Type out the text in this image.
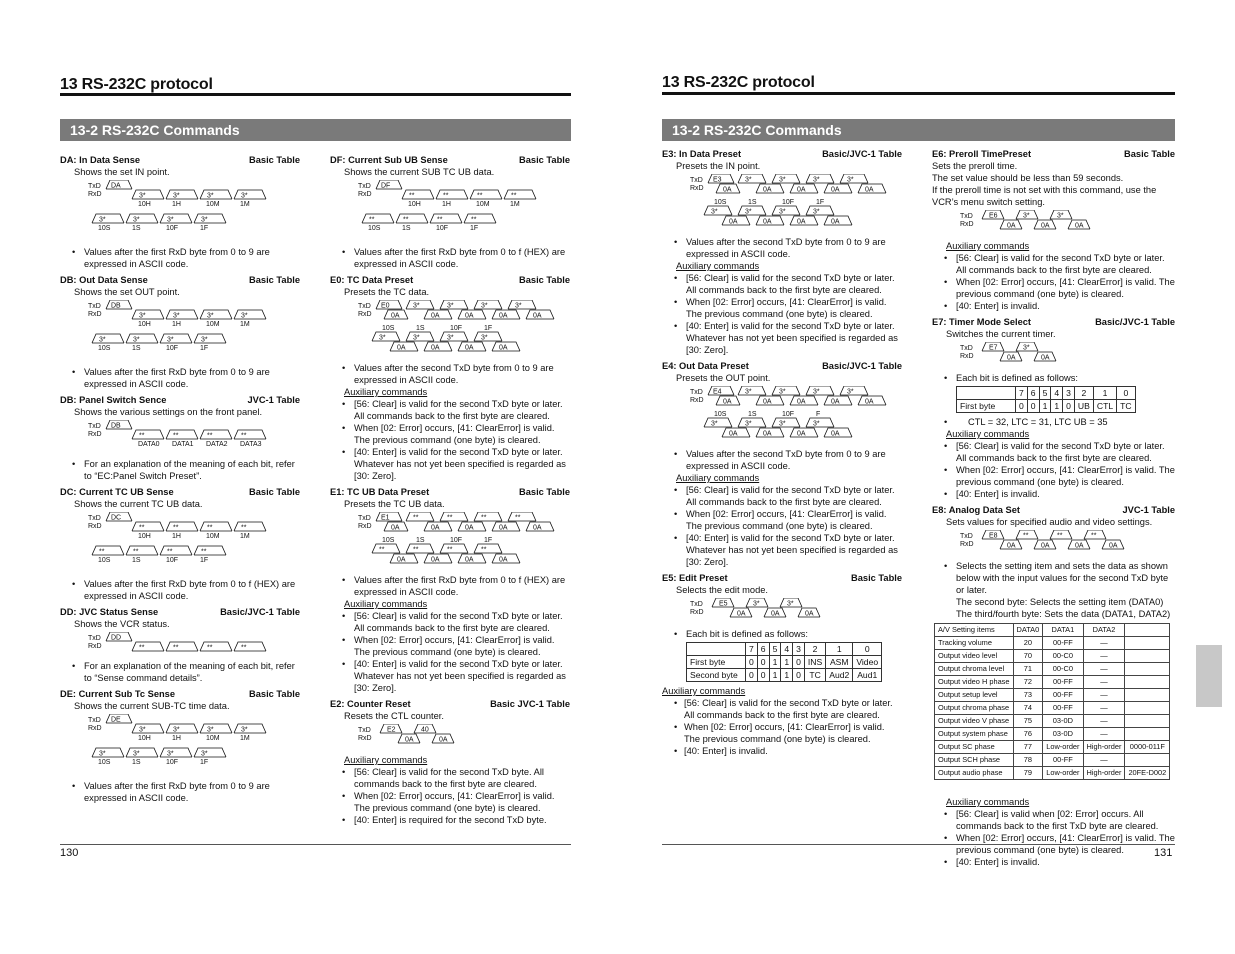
13 RS-232C protocol
13-2 RS-232C Commands
DA: In Data Sense	Basic Table
Shows the set IN point.
TxD
RxD
DA
3*
10H
3*
1H
3*
10M
3*
1M
3*
10S
3*
1S
3*
10F
3*
1F
• Values after the first RxD byte from 0 to 9 are expressed in ASCII code.
DB: Out Data Sense	Basic Table
Shows the set OUT point.
TxD
RxD
DB
3*
10H
3*
1H
3*
10M
3*
1M
3*
10S
3*
1S
3*
10F
3*
1F
• Values after the first RxD byte from 0 to 9 are expressed in ASCII code.
DB: Panel Switch Sence	JVC-1 Table
Shows the various settings on the front panel.
TxD
RxD
DB
**
DATA0
**
DATA1
**
DATA2
**
DATA3
• For an explanation of the meaning of each bit, refer to “EC:Panel Switch Preset”.
DC: Current TC UB Sense	Basic Table
Shows the current TC UB data.
TxD
RxD
DC
**
10H
**
1H
**
10M
**
1M
**
10S
**
1S
**
10F
**
1F
• Values after the first RxD byte from 0 to f (HEX) are expressed in ASCII code.
DD: JVC Status Sense	Basic/JVC-1 Table
Shows the VCR status.
TxD
RxD
DD
**	**	**	**
• For an explanation of the meaning of each bit, refer to “Sense command details”.
DE: Current Sub Tc Sense	Basic Table
Shows the current SUB-TC time data.
TxD
RxD
DE
3*
10H
3*
1H
3*
10M
3*
1M
3*
10S
3*
1S
3*
10F
3*
1F
• Values after the first RxD byte from 0 to 9 are expressed in ASCII code.
DF: Current Sub UB Sense	Basic Table
Shows the current SUB TC UB data.
TxD
RxD
DF
**
10H
**
1H
**
10M
**
1M
**
10S
**
1S
**
10F
**
1F
• Values after the first RxD byte from 0 to f (HEX) are expressed in ASCII code.
E0: TC Data Preset	Basic Table
Presets the TC data.
TxD
RxD
E0	3*
0A
3*
0A
3*
0A
3*
0A
0A
10S
3*
0A
1S
3*
0A
10F
3*
0A
1F
3*
0A
• Values after the second TxD byte from 0 to 9 are expressed in ASCII code.
Auxiliary commands
• [56: Clear] is valid for the second TxD byte or later. All commands back to the first byte are cleared.
• When [02: Error] occurs, [41: ClearError] is valid. The previous command (one byte) is cleared.
• [40: Enter] is valid for the second TxD byte or later. Whatever has not yet been specified is regarded as [30: Zero].
E1: TC UB Data Preset	Basic Table
Presets the TC UB data.
TxD
RxD
E1	**
0A
**
0A
**
0A
**
0A
0A
10S
**
0A
1S
**
0A
10F
**
0A
1F
**
0A
• Values after the first RxD byte from 0 to f (HEX) are expressed in ASCII code.
Auxiliary commands
• [56: Clear] is valid for the second TxD byte or later. All commands back to the first byte are cleared.
• When [02: Error] occurs, [41: ClearError] is valid. The previous command (one byte) is cleared.
• [40: Enter] is valid for the second TxD byte or later. Whatever has not yet been specified is regarded as [30: Zero].
E2: Counter Reset	Basic JVC-1 Table
Resets the CTL counter.
TxD
RxD
E2	40
0A	0A
Auxiliary commands
• [56: Clear] is valid for the second TxD byte. All commands back to the first byte are cleared.
• When [02: Error] occurs, [41: ClearError] is valid. The previous command (one byte) is cleared.
• [40: Enter] is required for the second TxD byte.
130
13 RS-232C protocol
13-2 RS-232C Commands
E3: In Data Preset	Basic/JVC-1 Table
Presets the IN point.
TxD
RxD
E3	3*
0A
3*
0A
3*
0A
3*
0A
0A
10S
3*
0A
1S
3*
0A
10F
3*
0A
1F
3*
0A
• Values after the second TxD byte from 0 to 9 are expressed in ASCII code.
Auxiliary commands
• [56: Clear] is valid for the second TxD byte or later. All commands back to the first byte are cleared.
• When [02: Error] occurs, [41: ClearError] is valid. The previous command (one byte) is cleared.
• [40: Enter] is valid for the second TxD byte or later. Whatever has not yet been specified is regarded as [30: Zero].
E4: Out Data Preset	Basic/JVC-1 Table
Presets the OUT point.
TxD
RxD
E4	3*
0A
3*
0A
3*
0A
3*
0A
0A
10S
3*
0A
1S
3*
0A
10F
3*
0A
F
3*
0A
• Values after the second TxD byte from 0 to 9 are expressed in ASCII code.
Auxiliary commands
• [56: Clear] is valid for the second TxD byte or later. All commands back to the first byte are cleared.
• When [02: Error] occurs, [41: ClearError] is valid. The previous command (one byte) is cleared.
• [40: Enter] is valid for the second TxD byte or later. Whatever has not yet been specified is regarded as [30: Zero].
E5: Edit Preset	Basic Table
Selects the edit mode.
TxD
RxD
E5	3*	3*
0A	0A	0A
• Each bit is defined as follows:
	7	6	5	4	3	2	1	0
First byte	0	0	1	1	0	INS	ASM	Video
Second byte	0	0	1	1	0	TC	Aud2	Aud1
Auxiliary commands
• [56: Clear] is valid for the second TxD byte or later. All commands back to the first byte are cleared.
• When [02: Error] occurs, [41: ClearError] is valid. The previous command (one byte) is cleared.
• [40: Enter] is invalid.
E6: Preroll TimePreset	Basic Table
Sets the preroll time.
The set value should be less than 59 seconds.
If the preroll time is not set with this command, use the VCR’s menu switch setting.
TxD
RxD
E6	3*	3*
0A	0A	0A
Auxiliary commands
• [56: Clear] is valid for the second TxD byte or later. All commands back to the first byte are cleared.
• When [02: Error] occurs, [41: ClearError] is valid. The previous command (one byte) is cleared.
• [40: Enter] is invalid.
E7: Timer Mode Select	Basic/JVC-1 Table
Switches the current timer.
TxD
RxD
E7	3*
0A	0A
• Each bit is defined as follows:
	7	6	5	4	3	2	1	0
First byte	0	0	1	1	0	UB	CTL	TC
• CTL = 32, LTC = 31, LTC UB = 35
Auxiliary commands
• [56: Clear] is valid for the second TxD byte or later. All commands back to the first byte are cleared.
• When [02: Error] occurs, [41: ClearError] is valid. The previous command (one byte) is cleared.
• [40: Enter] is invalid.
E8: Analog Data Set	JVC-1 Table
Sets values for specified audio and video settings.
TxD
RxD
E8	**	**	**
0A	0A	0A	0A
• Selects the setting item and sets the data as shown below with the input values for the second TxD byte or later.
The second byte: Selects the setting item (DATA0)
The third/fourth byte: Sets the data (DATA1, DATA2)
A/V Setting items	DATA0	DATA1	DATA2	
Tracking volume	20	00-FF	—	
Output video level	70	00-C0	—	
Output chroma level	71	00-C0	—	
Output video H phase	72	00-FF	—	
Output setup level	73	00-FF	—	
Output chroma phase	74	00-FF	—	
Output video V phase	75	03-0D	—	
Output system phase	76	03-0D	—	
Output SC phase	77	Low-order	High-order	0000-011F
Output SCH phase	78	00-FF	—	
Output audio phase	79	Low-order	High-order	20FE-D002
Auxiliary commands
• [56: Clear] is valid when [02: Error] occurs. All commands back to the first TxD byte are cleared.
• When [02: Error] occurs, [41: ClearError] is valid. The previous command (one byte) is cleared.
• [40: Enter] is invalid.
131
